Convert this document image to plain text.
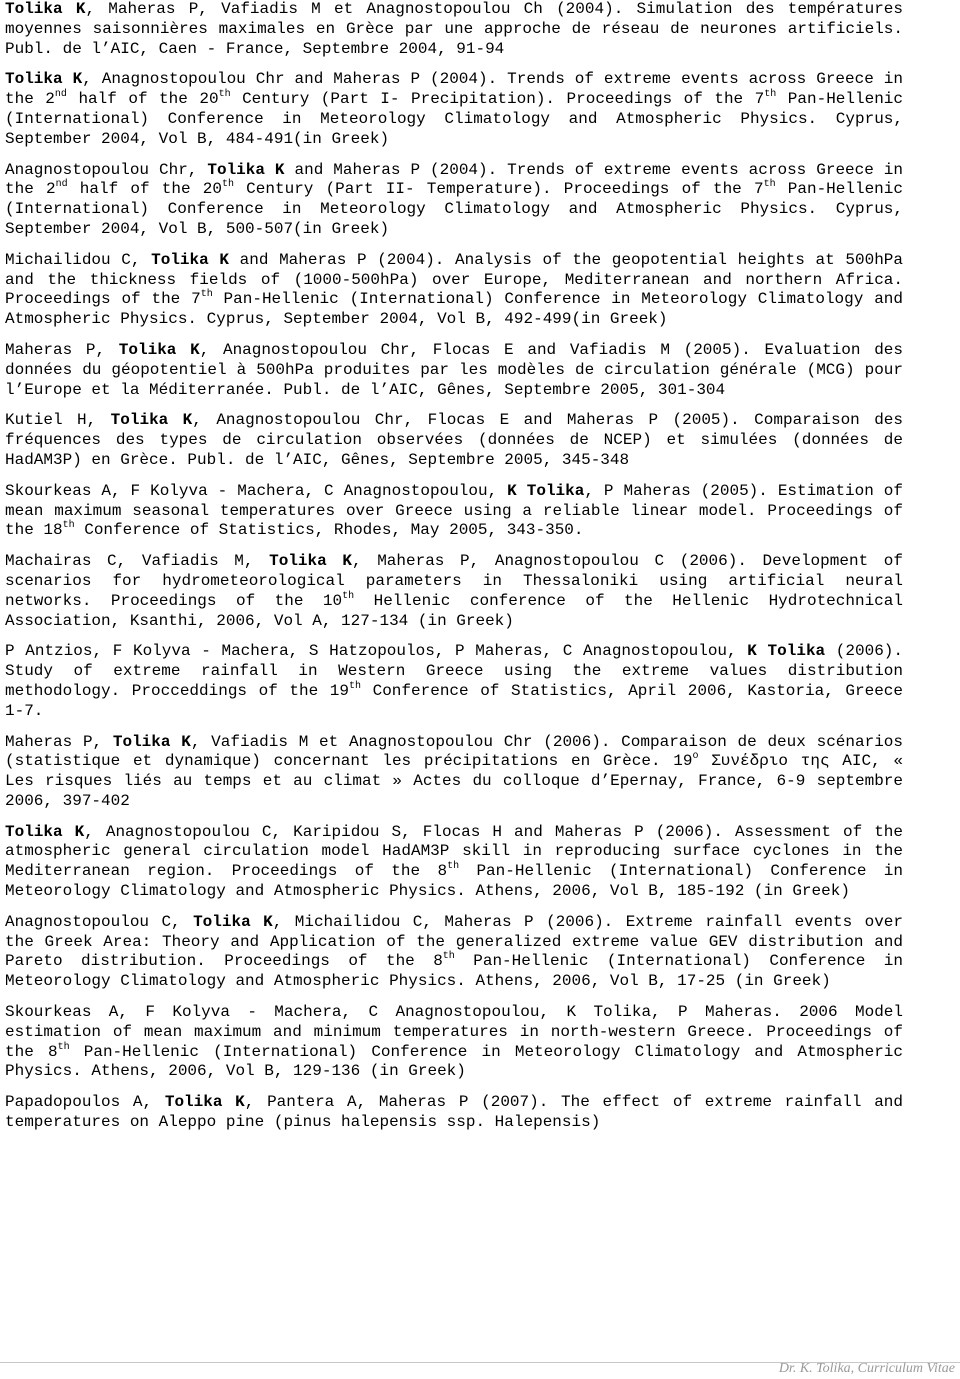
Tolika K, Maheras P, Vafiadis M et Anagnostopoulou Ch (2004). Simulation des températures moyennes saisonnières maximales en Grèce par une approche de réseau de neurones artificiels. Publ. de l’AIC, Caen - France, Septembre 2004, 91-94

Tolika K, Anagnostopoulou Chr and Maheras P (2004). Trends of extreme events across Greece in the 2nd half of the 20th Century (Part I- Precipitation). Proceedings of the 7th Pan-Hellenic (International) Conference in Meteorology Climatology and Atmospheric Physics. Cyprus, September 2004, Vol B, 484-491(in Greek)

Anagnostopoulou Chr, Tolika K and Maheras P (2004). Trends of extreme events across Greece in the 2nd half of the 20th Century (Part II- Temperature). Proceedings of the 7th Pan-Hellenic (International) Conference in Meteorology Climatology and Atmospheric Physics. Cyprus, September 2004, Vol B, 500-507(in Greek)

Michailidou C, Tolika K and Maheras P (2004). Analysis of the geopotential heights at 500hPa and the thickness fields of (1000-500hPa) over Europe, Mediterranean and northern Africa. Proceedings of the 7th Pan-Hellenic (International) Conference in Meteorology Climatology and Atmospheric Physics. Cyprus, September 2004, Vol B, 492-499(in Greek)

Maheras P, Tolika K, Anagnostopoulou Chr, Flocas E and Vafiadis M (2005). Evaluation des données du géopotentiel à 500hPa produites par les modèles de circulation générale (MCG) pour l’Europe et la Méditerranée. Publ. de l’AIC, Gênes, Septembre 2005, 301-304

Kutiel H, Tolika K, Anagnostopoulou Chr, Flocas E and Maheras P (2005). Comparaison des fréquences des types de circulation observées (données de NCEP) et simulées (données de HadAM3P) en Grèce. Publ. de l’AIC, Gênes, Septembre 2005, 345-348

Skourkeas A, F Kolyva - Machera, C Anagnostopoulou, K Tolika, P Maheras (2005). Estimation of mean maximum seasonal temperatures over Greece using a reliable linear model. Proceedings of the 18th Conference of Statistics, Rhodes, May 2005, 343-350.

Machairas C, Vafiadis M, Tolika K, Maheras P, Anagnostopoulou C (2006). Development of scenarios for hydrometeorological parameters in Thessaloniki using artificial neural networks. Proceedings of the 10th Hellenic conference of the Hellenic Hydrotechnical Association, Ksanthi, 2006, Vol A, 127-134 (in Greek)

P Antzios, F Kolyva - Machera, S Hatzopoulos, P Maheras, C Anagnostopoulou, K Tolika (2006). Study of extreme rainfall in Western Greece using the extreme values distribution methodology. Procceddings of the 19th Conference of Statistics, April 2006, Kastoria, Greece 1-7.

Maheras P, Tolika K, Vafiadis M et Anagnostopoulou Chr (2006). Comparaison de deux scénarios (statistique et dynamique) concernant les précipitations en Grèce. 19$^o$ Συνέδριο της AIC, « Les risques liés au temps et au climat » Actes du colloque d’Epernay, France, 6-9 septembre 2006, 397-402

Tolika K, Anagnostopoulou C, Karipidou S, Flocas H and Maheras P (2006). Assessment of the atmospheric general circulation model HadAM3P skill in reproducing surface cyclones in the Mediterranean region. Proceedings of the 8th Pan-Hellenic (International) Conference in Meteorology Climatology and Atmospheric Physics. Athens, 2006, Vol B, 185-192 (in Greek)

Anagnostopoulou C, Tolika K, Michailidou C, Maheras P (2006). Extreme rainfall events over the Greek Area: Theory and Application of the generalized extreme value GEV distribution and Pareto distribution. Proceedings of the 8th Pan-Hellenic (International) Conference in Meteorology Climatology and Atmospheric Physics. Athens, 2006, Vol B, 17-25 (in Greek)

Skourkeas A, F Kolyva - Machera, C Anagnostopoulou, K Tolika, P Maheras. 2006 Model estimation of mean maximum and minimum temperatures in north-western Greece. Proceedings of the 8th Pan-Hellenic (International) Conference in Meteorology Climatology and Atmospheric Physics. Athens, 2006, Vol B, 129-136 (in Greek)

Papadopoulos A, Tolika K, Pantera A, Maheras P (2007). The effect of extreme rainfall and temperatures on Aleppo pine (pinus halepensis ssp. Halepensis)

Dr. K. Tolika, Curriculum Vitae
